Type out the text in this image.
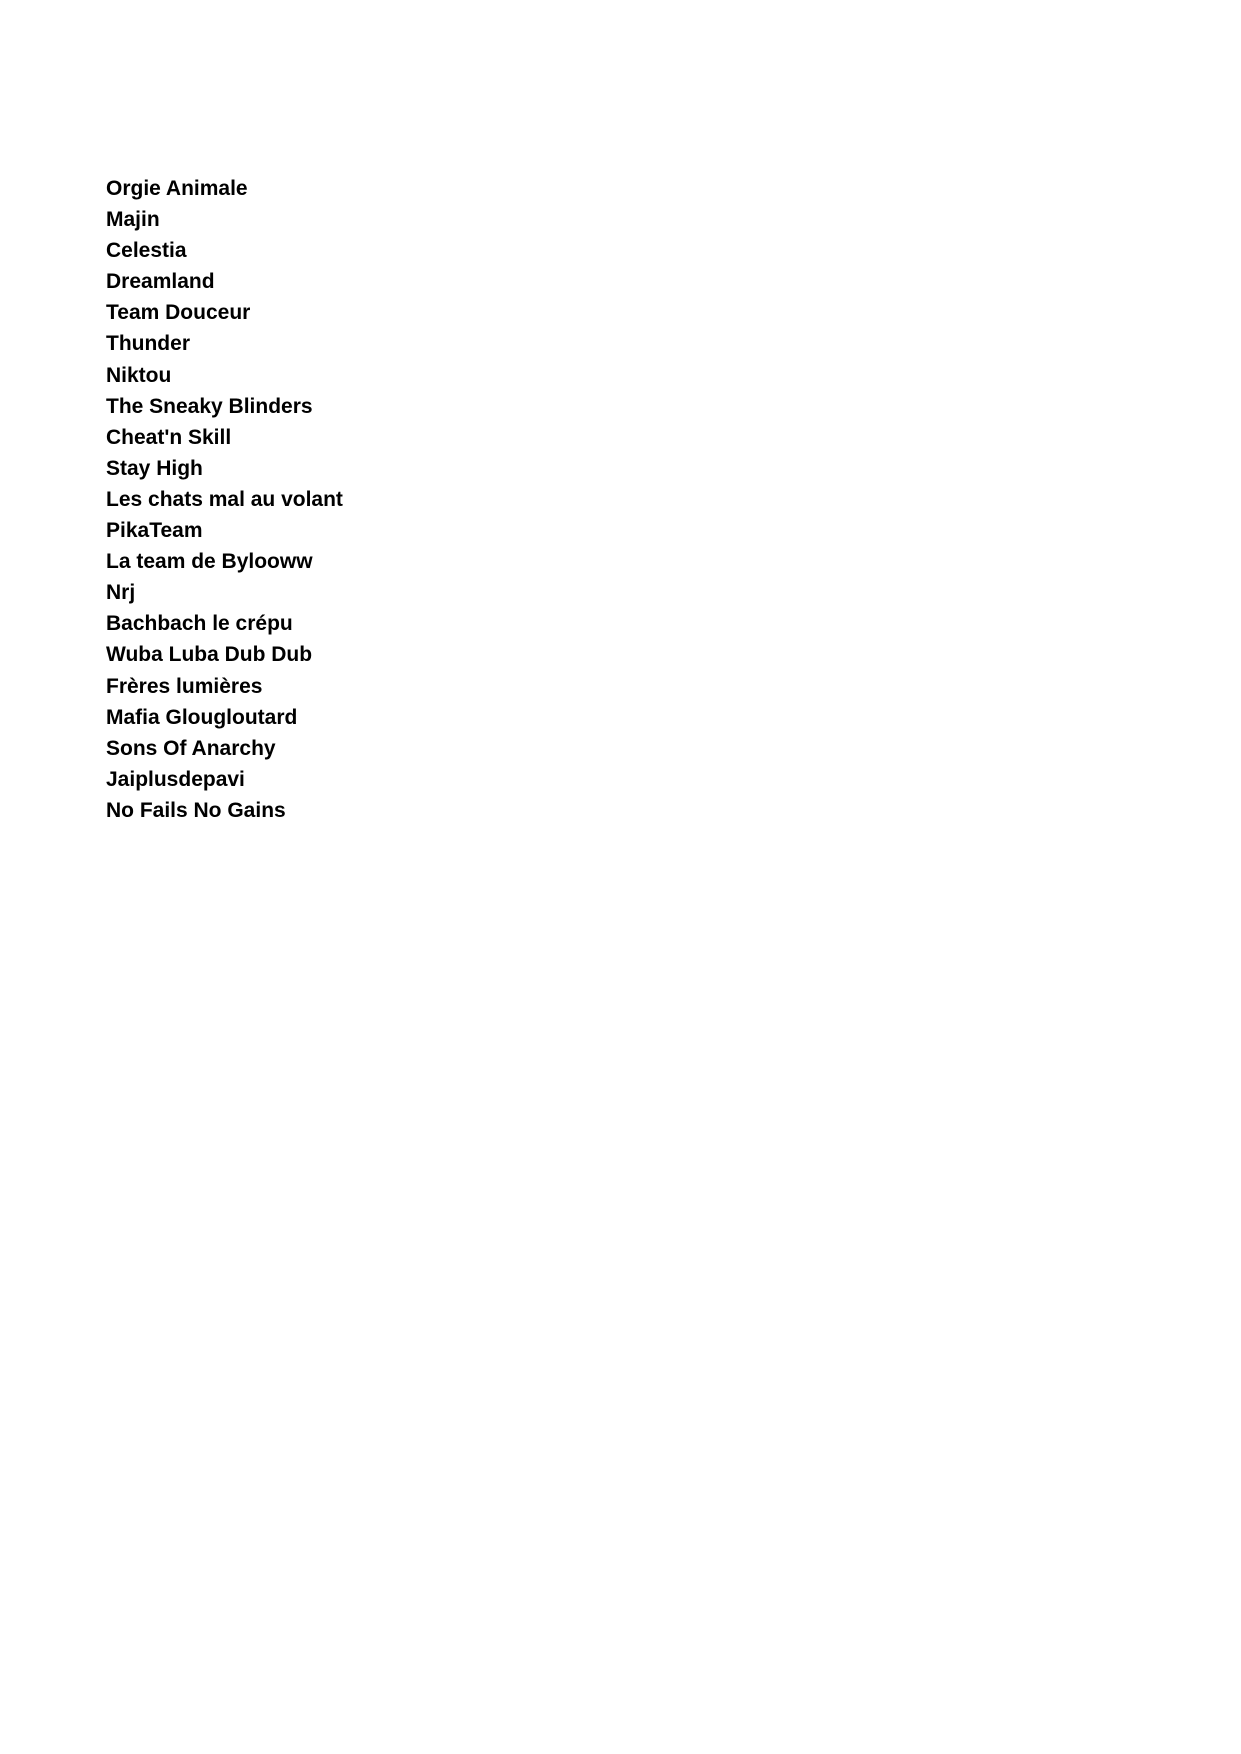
Orgie Animale
Majin
Celestia
Dreamland
Team Douceur
Thunder
Niktou
The Sneaky Blinders
Cheat'n Skill
Stay High
Les chats mal au volant
PikaTeam
La team de Bylooww
Nrj
Bachbach le crépu
Wuba Luba Dub Dub
Frères lumières
Mafia Glougloutard
Sons Of Anarchy
Jaiplusdepavi
No Fails No Gains
